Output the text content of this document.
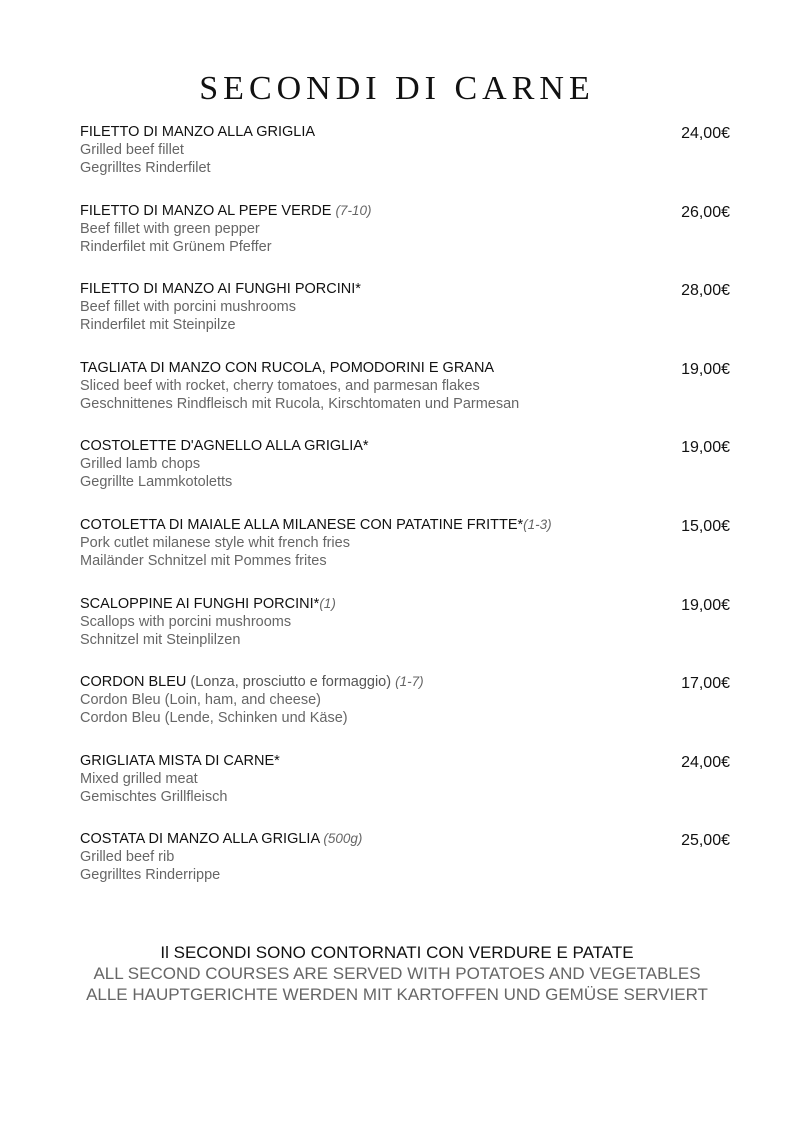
SECONDI DI CARNE
FILETTO DI MANZO ALLA GRIGLIA
Grilled beef fillet
Gegrilltes Rinderfilet
24,00€
FILETTO DI MANZO AL PEPE VERDE (7-10)
Beef fillet with green pepper
Rinderfilet mit Grünem Pfeffer
26,00€
FILETTO DI MANZO AI FUNGHI PORCINI*
Beef fillet with porcini mushrooms
Rinderfilet mit Steinpilze
28,00€
TAGLIATA DI MANZO CON RUCOLA, POMODORINI E GRANA
Sliced beef with rocket, cherry tomatoes, and parmesan flakes
Geschnittenes Rindfleisch mit Rucola, Kirschtomaten und Parmesan
19,00€
COSTOLETTE D'AGNELLO ALLA GRIGLIA*
Grilled lamb chops
Gegrillte Lammkotoletts
19,00€
COTOLETTA DI MAIALE ALLA MILANESE CON PATATINE FRITTE*(1-3)
Pork cutlet milanese style whit french fries
Mailänder Schnitzel mit Pommes frites
15,00€
SCALOPPINE AI FUNGHI PORCINI*(1)
Scallops with porcini mushrooms
Schnitzel mit Steinplilzen
19,00€
CORDON BLEU (Lonza, prosciutto e formaggio) (1-7)
Cordon Bleu (Loin, ham, and cheese)
Cordon Bleu (Lende, Schinken und Käse)
17,00€
GRIGLIATA MISTA DI CARNE*
Mixed grilled meat
Gemischtes Grillfleisch
24,00€
COSTATA DI MANZO ALLA GRIGLIA (500g)
Grilled beef rib
Gegrilltes Rinderrippe
25,00€
Il SECONDI SONO CONTORNATI CON VERDURE E PATATE
ALL SECOND COURSES ARE SERVED WITH POTATOES AND VEGETABLES
ALLE HAUPTGERICHTE WERDEN MIT KARTOFFEN UND GEMÜSE SERVIERT
